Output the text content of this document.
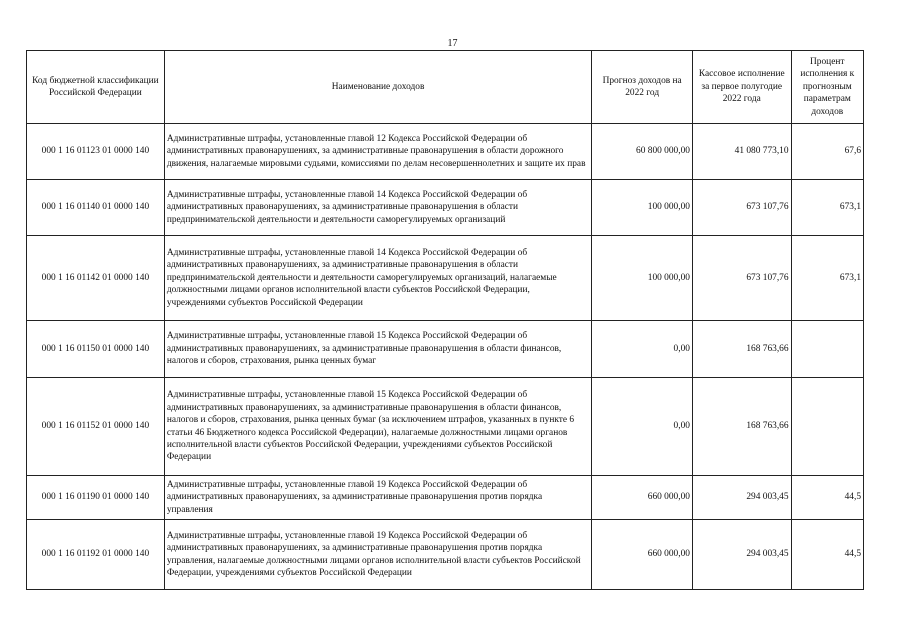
17
Код бюджетной классификации Российской Федерации	Наименование доходов	Прогноз доходов на 2022 год	Кассовое исполнение за первое полугодие 2022 года	Процент исполнения к прогнозным параметрам доходов
000 1 16 01123 01 0000 140	Административные штрафы, установленные главой 12 Кодекса Российской Федерации об административных правонарушениях, за административные правонарушения в области дорожного движения, налагаемые мировыми судьями, комиссиями по делам несовершеннолетних и защите их прав	60 800 000,00	41 080 773,10	67,6
000 1 16 01140 01 0000 140	Административные штрафы, установленные главой 14 Кодекса Российской Федерации об административных правонарушениях, за административные правонарушения в области предпринимательской деятельности и деятельности саморегулируемых организаций	100 000,00	673 107,76	673,1
000 1 16 01142 01 0000 140	Административные штрафы, установленные главой 14 Кодекса Российской Федерации об административных правонарушениях, за административные правонарушения в области предпринимательской деятельности и деятельности саморегулируемых организаций, налагаемые должностными лицами органов исполнительной власти субъектов Российской Федерации, учреждениями субъектов Российской Федерации	100 000,00	673 107,76	673,1
000 1 16 01150 01 0000 140	Административные штрафы, установленные главой 15 Кодекса Российской Федерации об административных правонарушениях, за административные правонарушения в области финансов, налогов и сборов, страхования, рынка ценных бумаг	0,00	168 763,66	
000 1 16 01152 01 0000 140	Административные штрафы, установленные главой 15 Кодекса Российской Федерации об административных правонарушениях, за административные правонарушения в области финансов, налогов и сборов, страхования, рынка ценных бумаг (за исключением штрафов, указанных в пункте 6 статьи 46 Бюджетного кодекса Российской Федерации), налагаемые должностными лицами органов исполнительной власти субъектов Российской Федерации, учреждениями субъектов Российской Федерации	0,00	168 763,66	
000 1 16 01190 01 0000 140	Административные штрафы, установленные главой 19 Кодекса Российской Федерации об административных правонарушениях, за административные правонарушения против порядка управления	660 000,00	294 003,45	44,5
000 1 16 01192 01 0000 140	Административные штрафы, установленные главой 19 Кодекса Российской Федерации об административных правонарушениях, за административные правонарушения против порядка управления, налагаемые должностными лицами органов исполнительной власти субъектов Российской Федерации, учреждениями субъектов Российской Федерации	660 000,00	294 003,45	44,5
